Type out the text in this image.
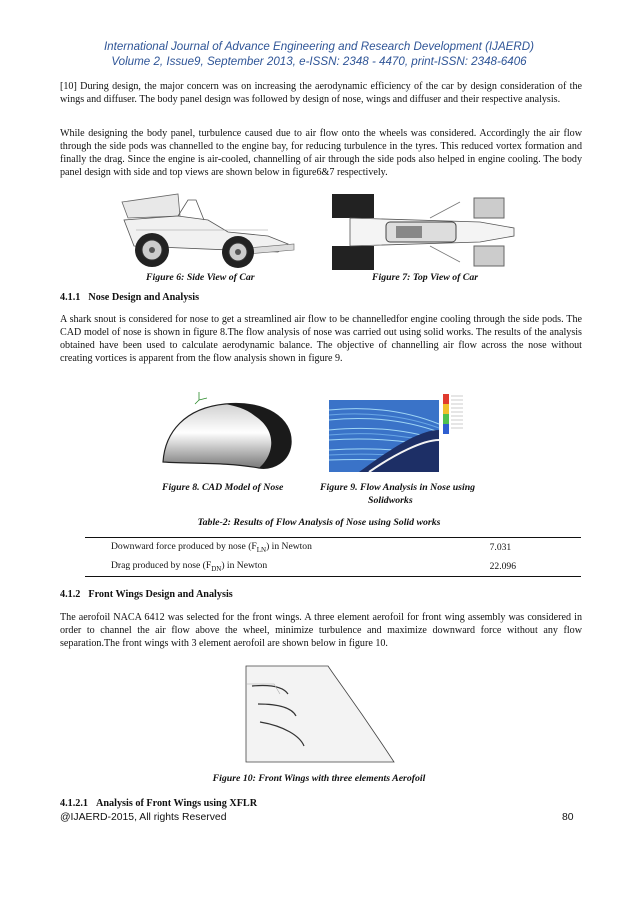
International Journal of Advance Engineering and Research Development (IJAERD)
Volume 2, Issue9, September 2013, e-ISSN: 2348 - 4470, print-ISSN: 2348-6406

[10] During design, the major concern was on increasing the aerodynamic efficiency of the car by design consideration of the wings and diffuser. The body panel design was followed by design of nose, wings and diffuser and their respective analysis.

While designing the body panel, turbulence caused due to air flow onto the wheels was considered. Accordingly the air flow through the side pods was channelled to the engine bay, for reducing turbulence in the tyres. This reduced vortex formation and finally the drag. Since the engine is air-cooled, channelling of air through the side pods also helped in engine cooling. The body panel design with side and top views are shown below in figure6&7 respectively.

Figure 6: Side View of Car	Figure 7: Top View of Car
4.1.1 Nose Design and Analysis

A shark snout is considered for nose to get a streamlined air flow to be channelledfor engine cooling through the side pods. The CAD model of nose is shown in figure 8.The flow analysis of nose was carried out using solid works. The results of the analysis obtained have been used to calculate aerodynamic balance. The objective of channelling air flow across the nose without creating vortices is apparent from the flow analysis shown in figure 9.

Figure 8. CAD Model of Nose	Figure 9. Flow Analysis in Nose using
Solidworks
Table-2: Results of Flow Analysis of Nose using Solid works
Downward force produced by nose $(F_{LN})$ in Newton	7.031
Drag produced by nose $(F_{DN})$ in Newton	22.096
4.1.2 Front Wings Design and Analysis

The aerofoil NACA 6412 was selected for the front wings. A three element aerofoil for front wing assembly was considered in order to channel the air flow above the wheel, minimize turbulence and maximize downward force without any flow separation.The front wings with 3 element aerofoil are shown below in figure 10.

Figure 10: Front Wings with three elements Aerofoil
4.1.2.1 Analysis of Front Wings using XFLR
@IJAERD-2015, All rights Reserved	80
